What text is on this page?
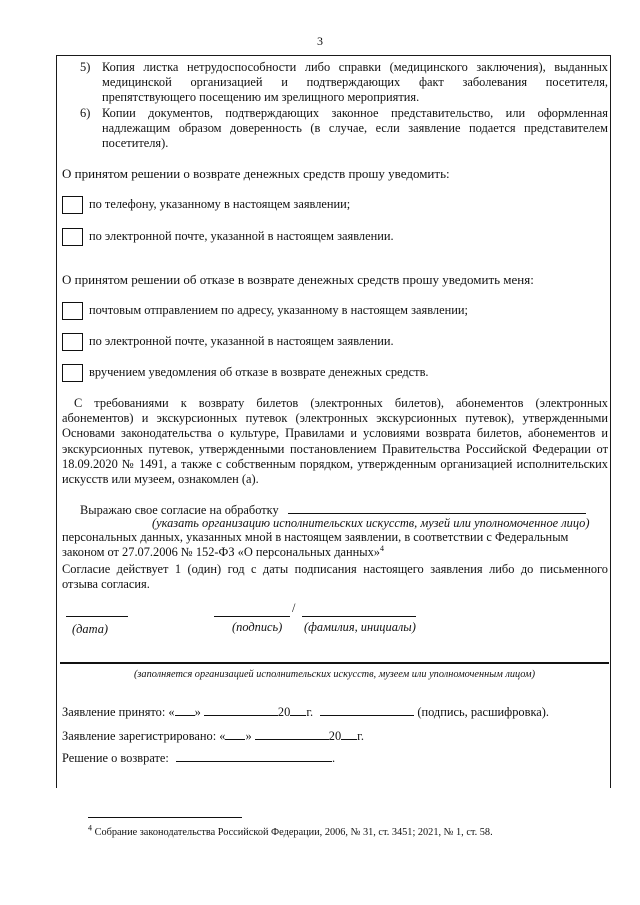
3
5) Копия листка нетрудоспособности либо справки (медицинского заключения), выданных
медицинской организацией и подтверждающих факт заболевания посетителя,
препятствующего посещению им зрелищного мероприятия.
6) Копии документов, подтверждающих законное представительство, или оформленная
надлежащим образом доверенность (в случае, если заявление подается представителем
посетителя).
О принятом решении о возврате денежных средств прошу уведомить:
по телефону, указанному в настоящем заявлении;
по электронной почте, указанной в настоящем заявлении.
О принятом решении об отказе в возврате денежных средств прошу уведомить меня:
почтовым отправлением по адресу, указанному в настоящем заявлении;
по электронной почте, указанной в настоящем заявлении.
вручением уведомления об отказе в возврате денежных средств.
С требованиями к возврату билетов (электронных билетов), абонементов (электронных
абонементов) и экскурсионных путевок (электронных экскурсионных путевок), утвержденными
Основами законодательства о культуре, Правилами и условиями возврата билетов, абонементов и
экскурсионных путевок, утвержденными постановлением Правительства Российской Федерации от
18.09.2020 № 1491, а также с собственным порядком, утвержденным организацией исполнительских
искусств или музеем, ознакомлен (а).
Выражаю свое согласие на обработку
(указать организацию исполнительских искусств, музей или уполномоченное лицо)
персональных данных, указанных мной в настоящем заявлении, в соответствии с Федеральным
законом от 27.07.2006 № 152-ФЗ «О персональных данных»$^4$
Согласие действует 1 (один) год с даты подписания настоящего заявления либо до письменного
отзыва согласия.
/
(дата)	(подпись) (фамилия, инициалы)
(заполняется организацией исполнительских искусств, музеем или уполномоченным лицом)
Заявление принято: « »	20 г.	(подпись, расшифровка).
Заявление зарегистрировано: « »	20 г.
Решение о возврате:	.
$^4$ Собрание законодательства Российской Федерации, 2006, № 31, ст. 3451; 2021, № 1, ст. 58.
